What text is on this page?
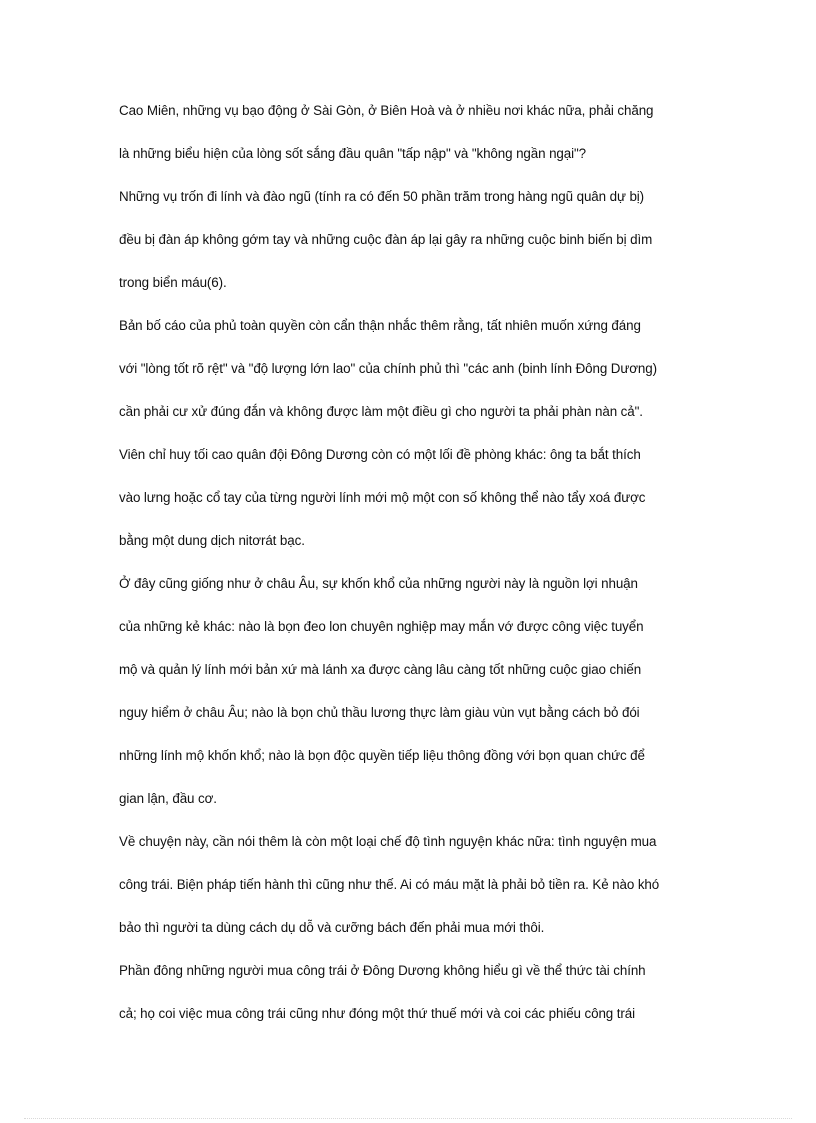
Cao Miên, những vụ bạo động ở Sài Gòn, ở Biên Hoà và ở nhiều nơi khác nữa, phải chăng
là những biểu hiện của lòng sốt sắng đầu quân "tấp nập" và "không ngần ngại"?
Những vụ trốn đi lính và đào ngũ (tính ra có đến 50 phần trăm trong hàng ngũ quân dự bị)
đều bị đàn áp không gớm tay và những cuộc đàn áp lại gây ra những cuộc binh biến bị dìm
trong biển máu(6).
Bản bố cáo của phủ toàn quyền còn cẩn thận nhắc thêm rằng, tất nhiên muốn xứng đáng
với "lòng tốt rõ rệt" và "độ lượng lớn lao" của chính phủ thì "các anh (binh lính Đông Dương)
cần phải cư xử đúng đắn và không được làm một điều gì cho người ta phải phàn nàn cả".
Viên chỉ huy tối cao quân đội Đông Dương còn có một lối đề phòng khác: ông ta bắt thích
vào lưng hoặc cổ tay của từng người lính mới mộ một con số không thể nào tẩy xoá được
bằng một dung dịch nitơrát bạc.
Ở đây cũng giống như ở châu Âu, sự khốn khổ của những người này là nguồn lợi nhuận
của những kẻ khác: nào là bọn đeo lon chuyên nghiệp may mắn vớ được công việc tuyển
mộ và quản lý lính mới bản xứ mà lánh xa được càng lâu càng tốt những cuộc giao chiến
nguy hiểm ở châu Âu; nào là bọn chủ thầu lương thực làm giàu vùn vụt bằng cách bỏ đói
những lính mộ khốn khổ; nào là bọn độc quyền tiếp liệu thông đồng với bọn quan chức để
gian lận, đầu cơ.
Về chuyện này, cần nói thêm là còn một loại chế độ tình nguyện khác nữa: tình nguyện mua
công trái. Biện pháp tiến hành thì cũng như thế. Ai có máu mặt là phải bỏ tiền ra. Kẻ nào khó
bảo thì người ta dùng cách dụ dỗ và cưỡng bách đến phải mua mới thôi.
Phần đông những người mua công trái ở Đông Dương không hiểu gì về thể thức tài chính
cả; họ coi việc mua công trái cũng như đóng một thứ thuế mới và coi các phiếu công trái
